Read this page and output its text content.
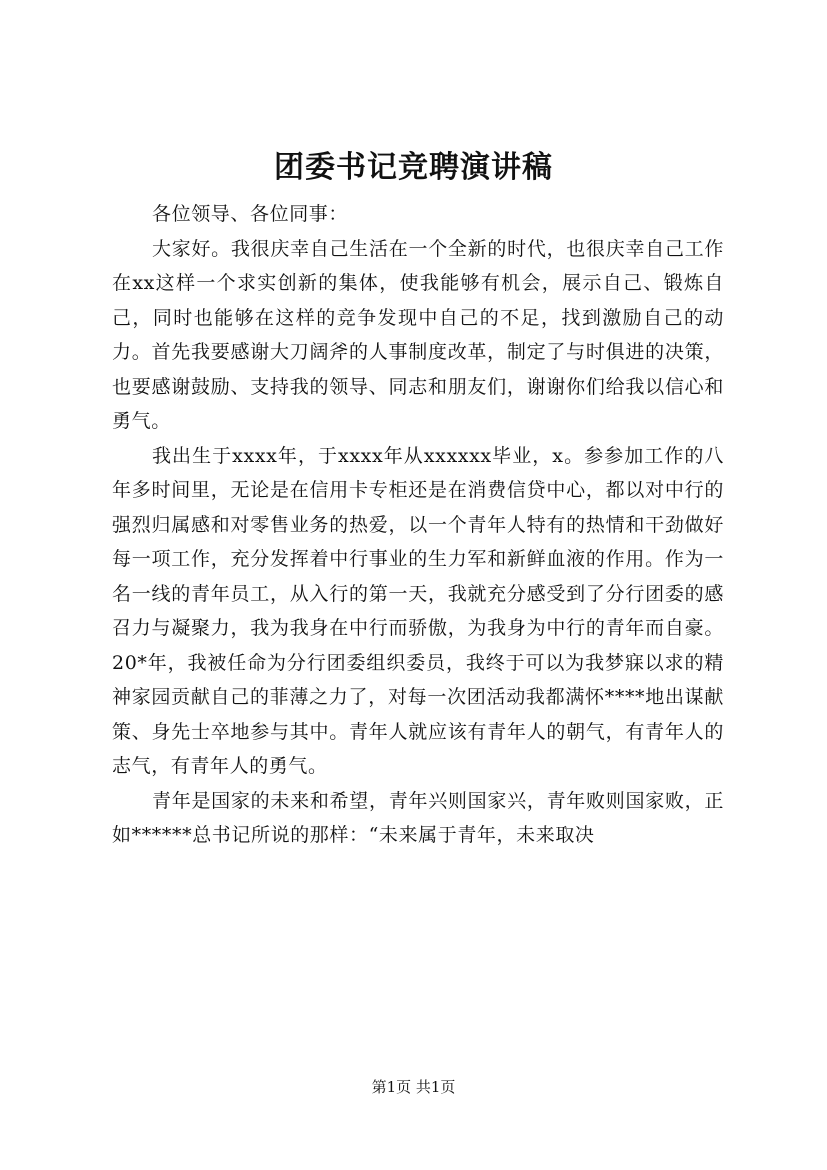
团委书记竞聘演讲稿

各位领导、各位同事：

大家好。我很庆幸自己生活在一个全新的时代，也很庆幸自己工作在xx这样一个求实创新的集体，使我能够有机会，展示自己、锻炼自己，同时也能够在这样的竞争发现中自己的不足，找到激励自己的动力。首先我要感谢大刀阔斧的人事制度改革，制定了与时俱进的决策，也要感谢鼓励、支持我的领导、同志和朋友们，谢谢你们给我以信心和勇气。

我出生于xxxx年，于xxxx年从xxxxxx毕业，x。参参加工作的八年多时间里，无论是在信用卡专柜还是在消费信贷中心，都以对中行的强烈归属感和对零售业务的热爱，以一个青年人特有的热情和干劲做好每一项工作，充分发挥着中行事业的生力军和新鲜血液的作用。作为一名一线的青年员工，从入行的第一天，我就充分感受到了分行团委的感召力与凝聚力，我为我身在中行而骄傲，为我身为中行的青年而自豪。20*年，我被任命为分行团委组织委员，我终于可以为我梦寐以求的精神家园贡献自己的菲薄之力了，对每一次团活动我都满怀****地出谋献策、身先士卒地参与其中。青年人就应该有青年人的朝气，有青年人的志气，有青年人的勇气。

青年是国家的未来和希望，青年兴则国家兴，青年败则国家败，正如******总书记所说的那样：“未来属于青年，未来取决

第1页 共1页
